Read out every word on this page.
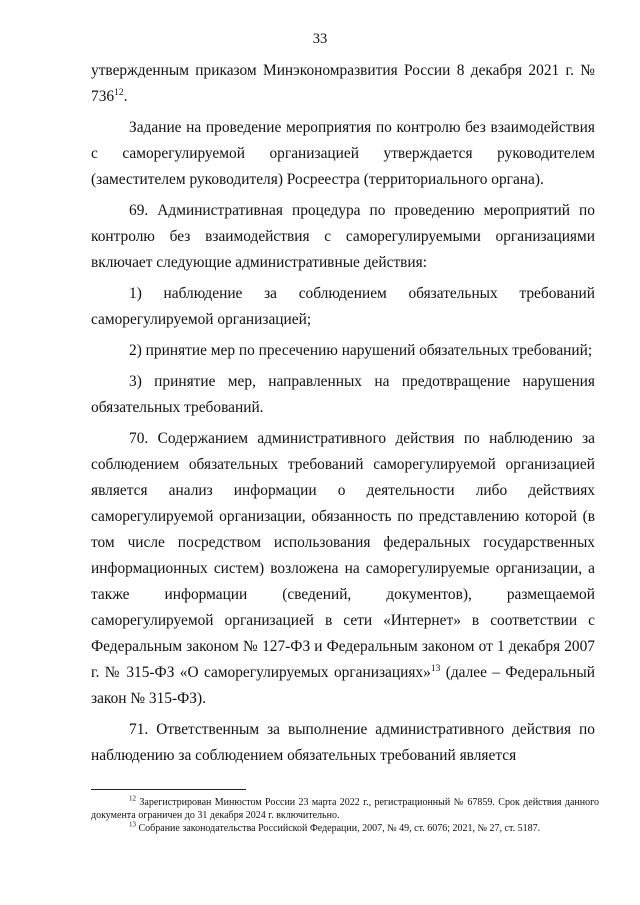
33

утвержденным приказом Минэкономразвития России 8 декабря 2021 г. № $736^{12}$.

Задание на проведение мероприятия по контролю без взаимодействия с саморегулируемой организацией утверждается руководителем (заместителем руководителя) Росреестра (территориального органа).

69. Административная процедура по проведению мероприятий по контролю без взаимодействия с саморегулируемыми организациями включает следующие административные действия:

1) наблюдение за соблюдением обязательных требований саморегулируемой организацией;

2) принятие мер по пресечению нарушений обязательных требований;

3) принятие мер, направленных на предотвращение нарушения обязательных требований.

70. Содержанием административного действия по наблюдению за соблюдением обязательных требований саморегулируемой организацией является анализ информации о деятельности либо действиях саморегулируемой организации, обязанность по представлению которой (в том числе посредством использования федеральных государственных информационных систем) возложена на саморегулируемые организации, а также информации (сведений, документов), размещаемой саморегулируемой организацией в сети «Интернет» в соответствии с Федеральным законом № 127-ФЗ и Федеральным законом от 1 декабря 2007 г. № 315-ФЗ «О саморегулируемых организациях»$^{13}$ (далее – Федеральный закон № 315-ФЗ).

71. Ответственным за выполнение административного действия по наблюдению за соблюдением обязательных требований является

$^{12}$ Зарегистрирован Минюстом России 23 марта 2022 г., регистрационный № 67859. Срок действия данного документа ограничен до 31 декабря 2024 г. включительно.

$^{13}$ Собрание законодательства Российской Федерации, 2007, № 49, ст. 6076; 2021, № 27, ст. 5187.
